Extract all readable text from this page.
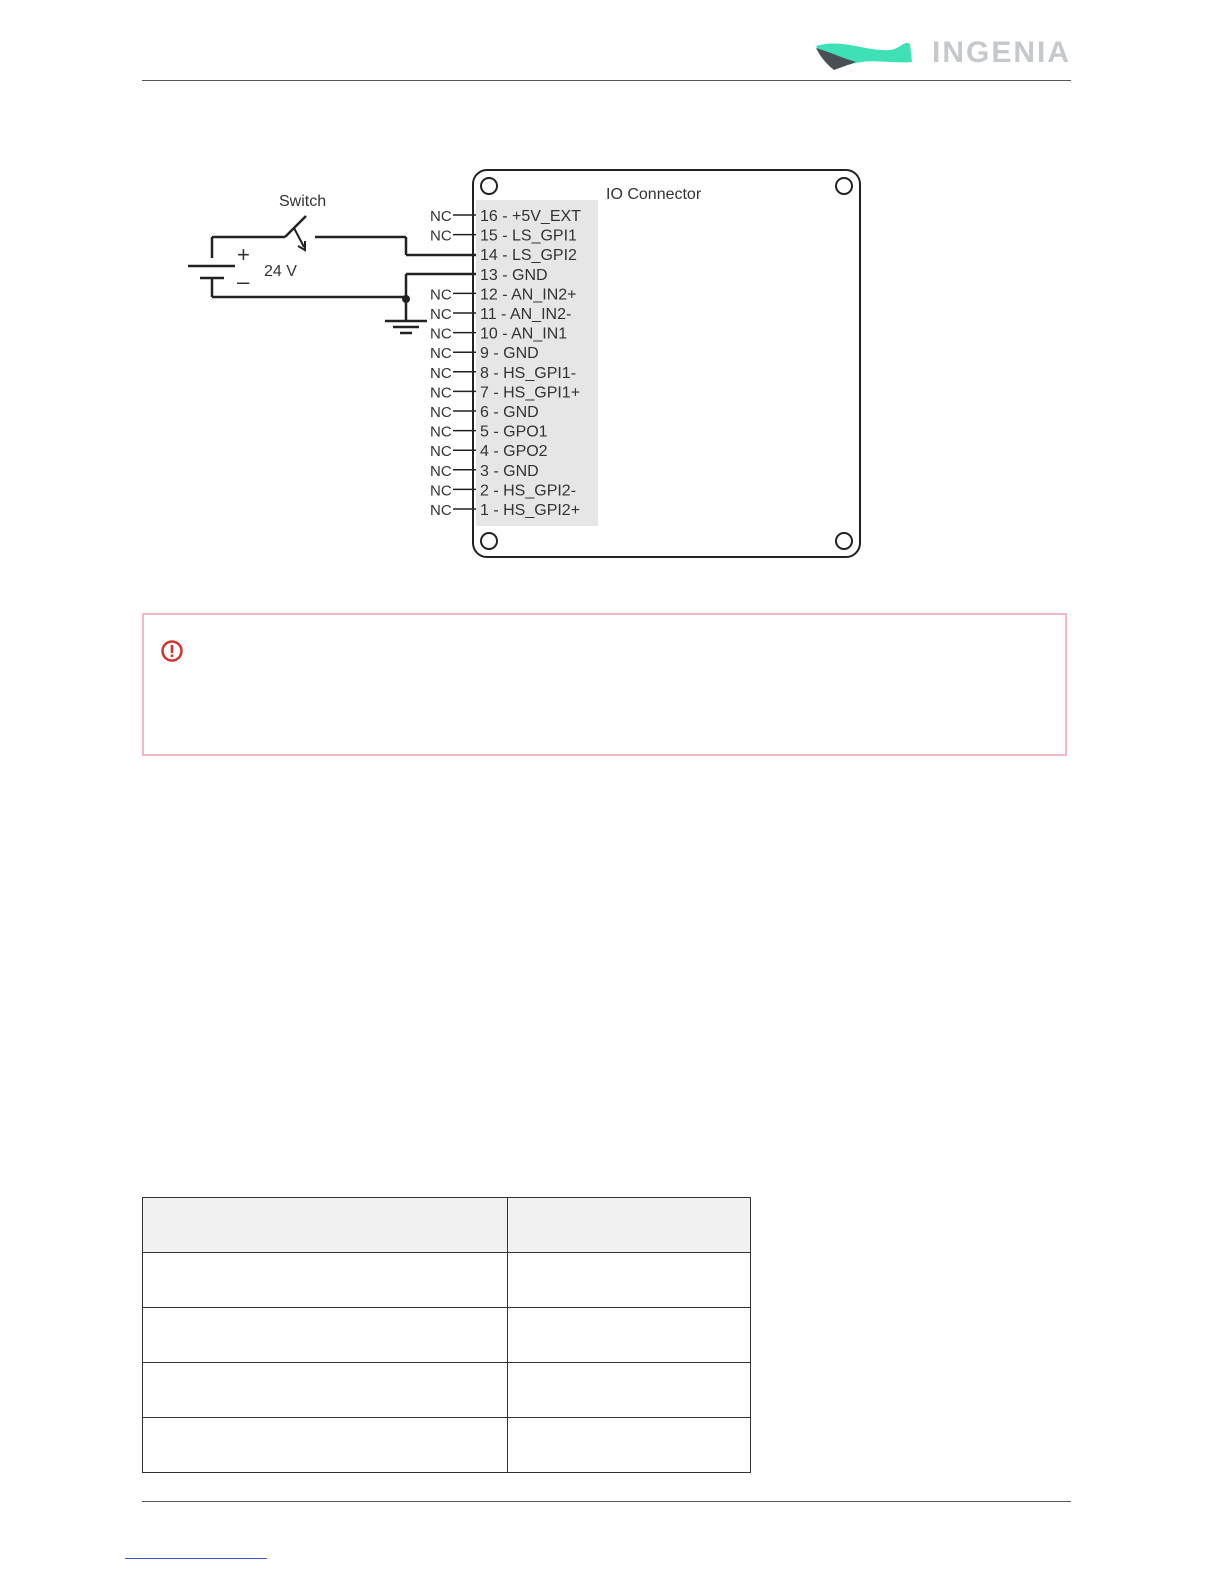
INGENIA
IO Connector
16 - +5V_EXT
NC
15 - LS_GPI1
NC
14 - LS_GPI2
13 - GND
12 - AN_IN2+
NC
11 - AN_IN2-
NC
10 - AN_IN1
NC
9 - GND
NC
8 - HS_GPI1-
NC
7 - HS_GPI1+
NC
6 - GND
NC
5 - GPO1
NC
4 - GPO2
NC
3 - GND
NC
2 - HS_GPI2-
NC
1 - HS_GPI2+
NC
Switch
+
– 24 V
